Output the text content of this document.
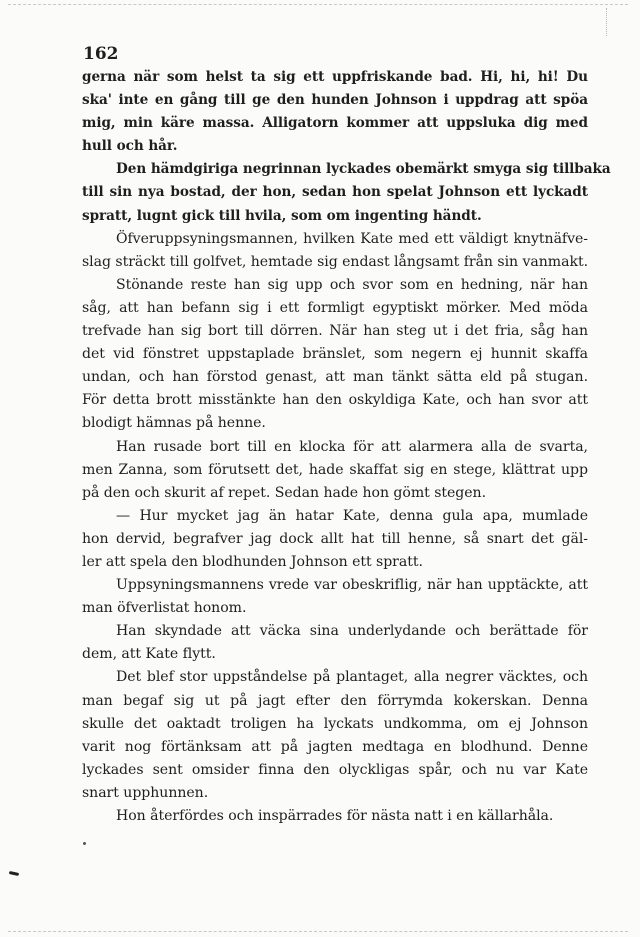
162
gerna när som helst ta sig ett uppfriskande bad. Hi, hi, hi! Du
ska' inte en gång till ge den hunden Johnson i uppdrag att spöa
mig, min käre massa. Alligatorn kommer att uppsluka dig med
hull och hår.
Den hämdgiriga negrinnan lyckades obemärkt smyga sig tillbaka
till sin nya bostad, der hon, sedan hon spelat Johnson ett lyckadt
spratt, lugnt gick till hvila, som om ingenting händt.
Öfveruppsyningsmannen, hvilken Kate med ett väldigt knytnäfve-
slag sträckt till golfvet, hemtade sig endast långsamt från sin vanmakt.
Stönande reste han sig upp och svor som en hedning, när han
såg, att han befann sig i ett formligt egyptiskt mörker. Med möda
trefvade han sig bort till dörren. När han steg ut i det fria, såg han
det vid fönstret uppstaplade bränslet, som negern ej hunnit skaffa
undan, och han förstod genast, att man tänkt sätta eld på stugan.
För detta brott misstänkte han den oskyldiga Kate, och han svor att
blodigt hämnas på henne.
Han rusade bort till en klocka för att alarmera alla de svarta,
men Zanna, som förutsett det, hade skaffat sig en stege, klättrat upp
på den och skurit af repet. Sedan hade hon gömt stegen.
— Hur mycket jag än hatar Kate, denna gula apa, mumlade
hon dervid, begrafver jag dock allt hat till henne, så snart det gäl-
ler att spela den blodhunden Johnson ett spratt.
Uppsyningsmannens vrede var obeskriflig, när han upptäckte, att
man öfverlistat honom.
Han skyndade att väcka sina underlydande och berättade för
dem, att Kate flytt.
Det blef stor uppståndelse på plantaget, alla negrer väcktes, och
man begaf sig ut på jagt efter den förrymda kokerskan. Denna
skulle det oaktadt troligen ha lyckats undkomma, om ej Johnson
varit nog förtänksam att på jagten medtaga en blodhund. Denne
lyckades sent omsider finna den olyckligas spår, och nu var Kate
snart upphunnen.
Hon återfördes och inspärrades för nästa natt i en källarhåla.
